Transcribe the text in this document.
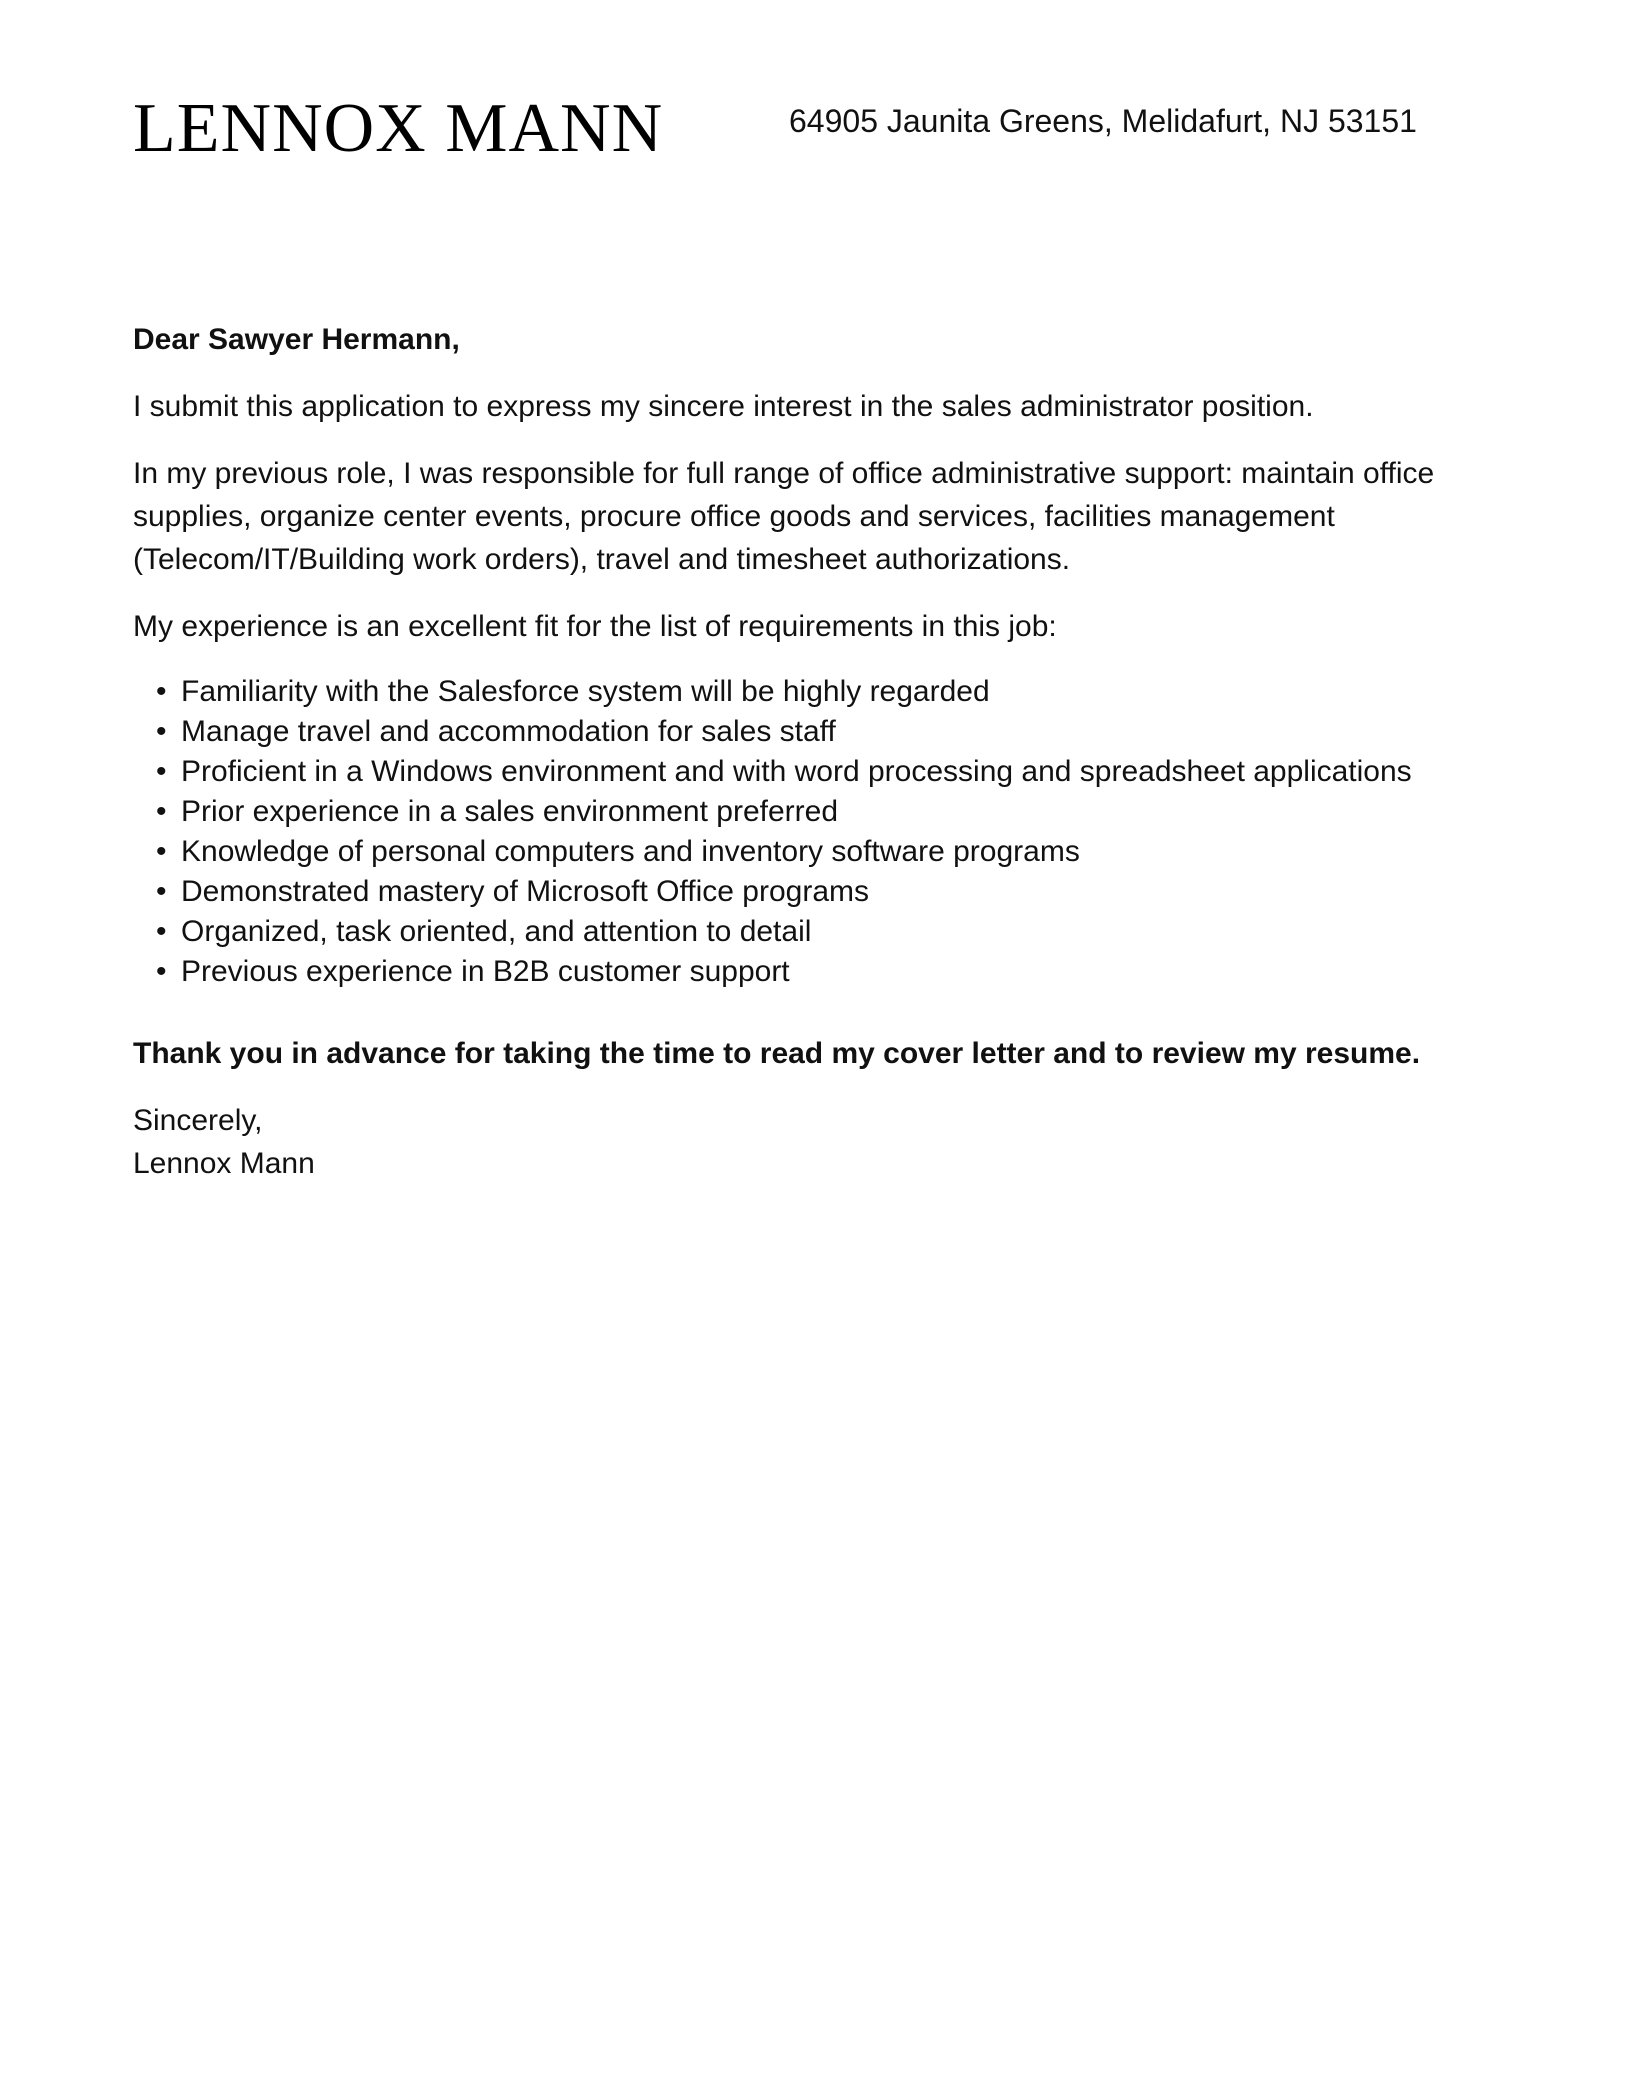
LENNOX MANN	64905 Jaunita Greens, Melidafurt, NJ 53151

Dear Sawyer Hermann,

I submit this application to express my sincere interest in the sales administrator position.

In my previous role, I was responsible for full range of office administrative support: maintain office supplies, organize center events, procure office goods and services, facilities management (Telecom/IT/Building work orders), travel and timesheet authorizations.

My experience is an excellent fit for the list of requirements in this job:

• Familiarity with the Salesforce system will be highly regarded
• Manage travel and accommodation for sales staff
• Proficient in a Windows environment and with word processing and spreadsheet applications
• Prior experience in a sales environment preferred
• Knowledge of personal computers and inventory software programs
• Demonstrated mastery of Microsoft Office programs
• Organized, task oriented, and attention to detail
• Previous experience in B2B customer support

Thank you in advance for taking the time to read my cover letter and to review my resume.

Sincerely,
Lennox Mann
